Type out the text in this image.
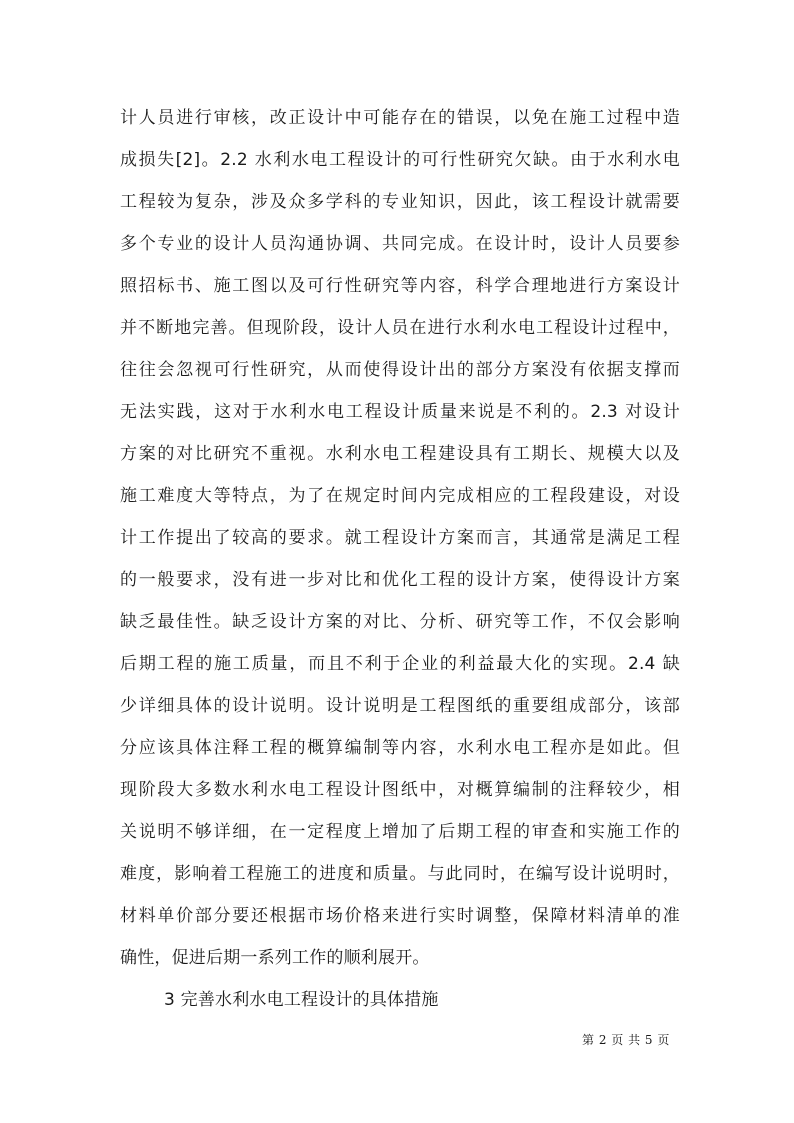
计人员进行审核，改正设计中可能存在的错误，以免在施工过程中造
成损失[2]。2.2 水利水电工程设计的可行性研究欠缺。由于水利水电
工程较为复杂，涉及众多学科的专业知识，因此，该工程设计就需要
多个专业的设计人员沟通协调、共同完成。在设计时，设计人员要参
照招标书、施工图以及可行性研究等内容，科学合理地进行方案设计
并不断地完善。但现阶段，设计人员在进行水利水电工程设计过程中，
往往会忽视可行性研究，从而使得设计出的部分方案没有依据支撑而
无法实践，这对于水利水电工程设计质量来说是不利的。2.3 对设计
方案的对比研究不重视。水利水电工程建设具有工期长、规模大以及
施工难度大等特点，为了在规定时间内完成相应的工程段建设，对设
计工作提出了较高的要求。就工程设计方案而言，其通常是满足工程
的一般要求，没有进一步对比和优化工程的设计方案，使得设计方案
缺乏最佳性。缺乏设计方案的对比、分析、研究等工作，不仅会影响
后期工程的施工质量，而且不利于企业的利益最大化的实现。2.4 缺
少详细具体的设计说明。设计说明是工程图纸的重要组成部分，该部
分应该具体注释工程的概算编制等内容，水利水电工程亦是如此。但
现阶段大多数水利水电工程设计图纸中，对概算编制的注释较少，相
关说明不够详细，在一定程度上增加了后期工程的审查和实施工作的
难度，影响着工程施工的进度和质量。与此同时，在编写设计说明时，
材料单价部分要还根据市场价格来进行实时调整，保障材料清单的准
确性，促进后期一系列工作的顺利展开。
3 完善水利水电工程设计的具体措施
第 2 页 共 5 页
